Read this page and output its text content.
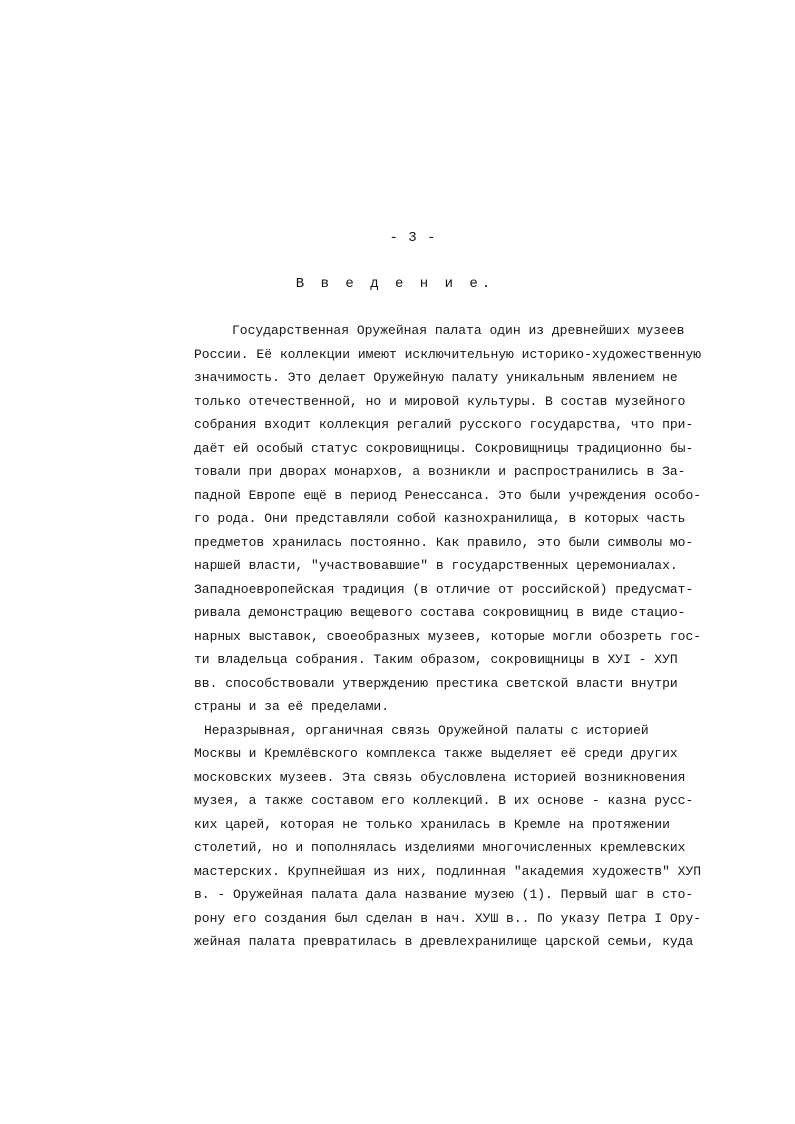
- 3 -
В в е д е н и е.
Государственная Оружейная палата один из древнейших музеев
России. Её коллекции имеют исключительную историко-художественную
значимость. Это делает Оружейную палату уникальным явлением не
только отечественной, но и мировой культуры. В состав музейного
собрания входит коллекция регалий русского государства, что при-
даёт ей особый статус сокровищницы. Сокровищницы традиционно бы-
товали при дворах монархов, а возникли и распространились в За-
падной Европе ещё в период Ренессанса. Это были учреждения особо-
го рода. Они представляли собой казнохранилища, в которых часть
предметов хранилась постоянно. Как правило, это были символы мо-
наршей власти, "участвовавшие" в государственных церемониалах.
Западноевропейская традиция (в отличие от российской) предусмат-
ривала демонстрацию вещевого состава сокровищниц в виде стацио-
нарных выставок, своеобразных музеев, которые могли обозреть гос-
ти владельца собрания. Таким образом, сокровищницы в XУI - XУП
вв. способствовали утверждению престика светской власти внутри
страны и за её пределами.
Неразрывная, органичная связь Оружейной палаты с историей
Москвы и Кремлёвского комплекса также выделяет её среди других
московских музеев. Эта связь обусловлена историей возникновения
музея, а также составом его коллекций. В их основе - казна русс-
ких царей, которая не только хранилась в Кремле на протяжении
столетий, но и пополнялась изделиями многочисленных кремлевских
мастерских. Крупнейшая из них, подлинная "академия художеств" XУП
в. - Оружейная палата дала название музею (1). Первый шаг в сто-
рону его создания был сделан в нач. XУШ в.. По указу Петра I Ору-
жейная палата превратилась в древлехранилище царской семьи, куда
